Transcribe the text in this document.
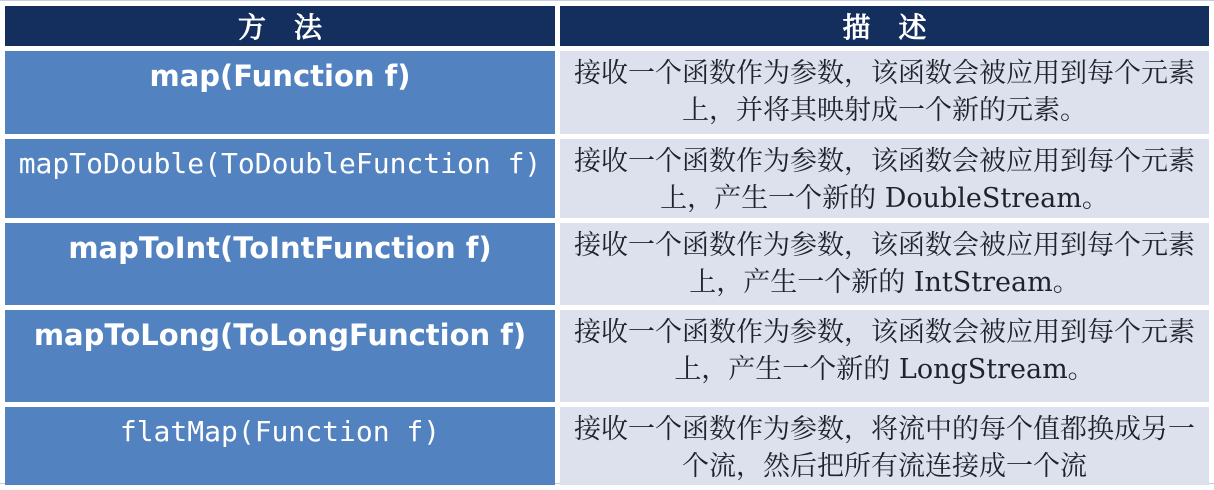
方　法	描　述
map(Function f)	接收一个函数作为参数，该函数会被应用到每个元素上，并将其映射成一个新的元素。
mapToDouble(ToDoubleFunction f)	接收一个函数作为参数，该函数会被应用到每个元素上，产生一个新的 DoubleStream。
mapToInt(ToIntFunction f)	接收一个函数作为参数，该函数会被应用到每个元素上，产生一个新的 IntStream。
mapToLong(ToLongFunction f)	接收一个函数作为参数，该函数会被应用到每个元素上，产生一个新的 LongStream。
flatMap(Function f)	接收一个函数作为参数，将流中的每个值都换成另一个流，然后把所有流连接成一个流
